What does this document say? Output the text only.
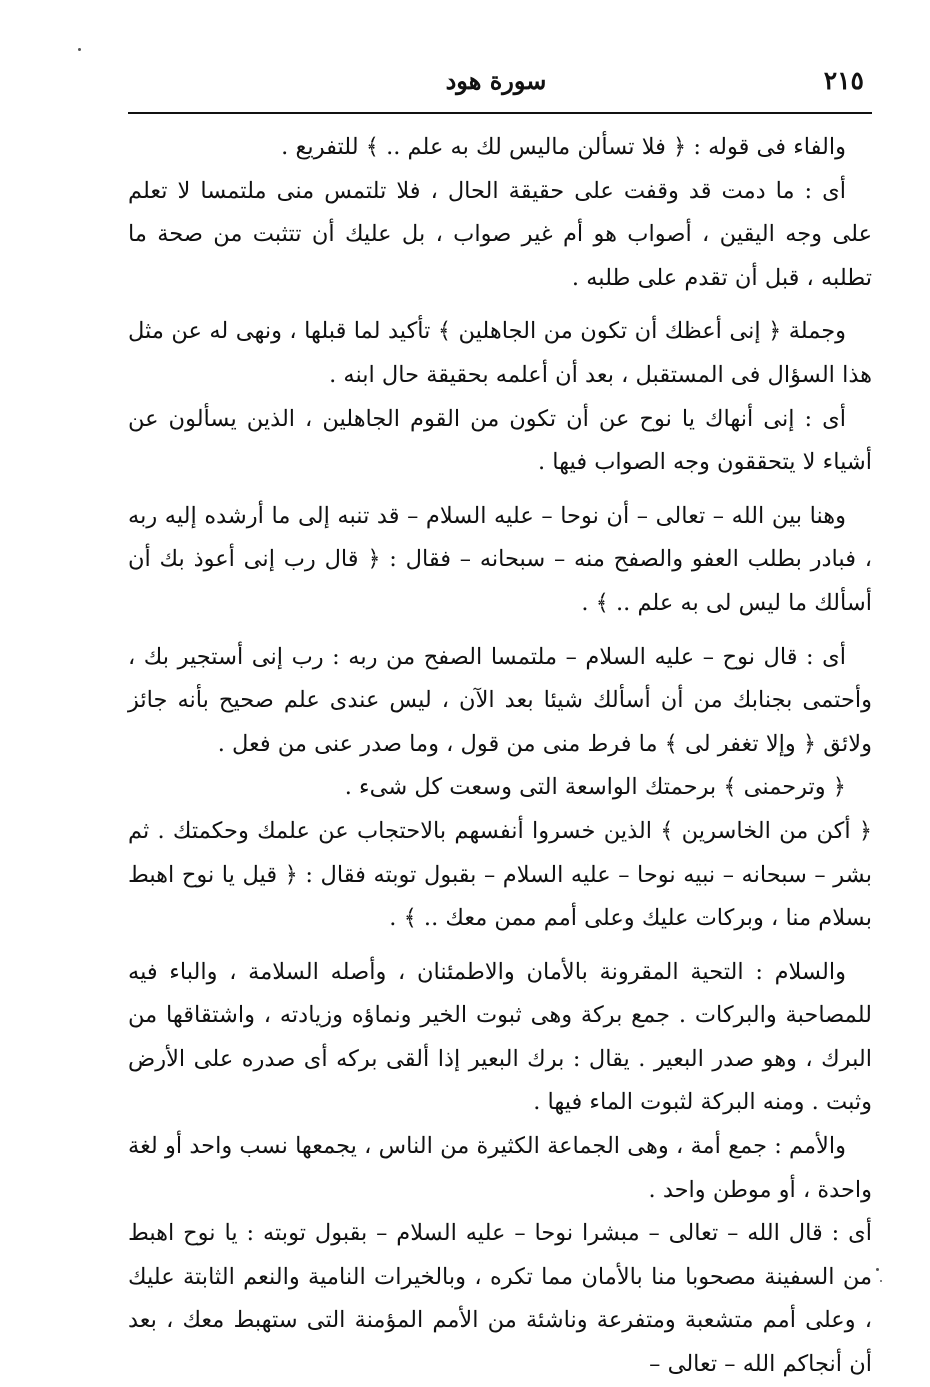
٢١٥
سورة هود

والفاء فى قوله : ﴿ فلا تسألن ماليس لك به علم .. ﴾ للتفريع .

أى : ما دمت قد وقفت على حقيقة الحال ، فلا تلتمس منى ملتمسا لا تعلم على وجه اليقين ، أصواب هو أم غير صواب ، بل عليك أن تتثبت من صحة ما تطلبه ، قبل أن تقدم على طلبه .

وجملة ﴿ إنى أعظك أن تكون من الجاهلين ﴾ تأكيد لما قبلها ، ونهى له عن مثل هذا السؤال فى المستقبل ، بعد أن أعلمه بحقيقة حال ابنه .

أى : إنى أنهاك يا نوح عن أن تكون من القوم الجاهلين ، الذين يسألون عن أشياء لا يتحققون وجه الصواب فيها .

وهنا بين الله – تعالى – أن نوحا – عليه السلام – قد تنبه إلى ما أرشده إليه ربه ، فبادر بطلب العفو والصفح منه – سبحانه – فقال : ﴿ قال رب إنى أعوذ بك أن أسألك ما ليس لى به علم .. ﴾ .

أى : قال نوح – عليه السلام – ملتمسا الصفح من ربه : رب إنى أستجير بك ، وأحتمى بجنابك من أن أسألك شيئا بعد الآن ، ليس عندى علم صحيح بأنه جائز ولائق ﴿ وإلا تغفر لى ﴾ ما فرط منى من قول ، وما صدر عنى من فعل .

﴿ وترحمنى ﴾ برحمتك الواسعة التى وسعت كل شىء .

﴿ أكن من الخاسرين ﴾ الذين خسروا أنفسهم بالاحتجاب عن علمك وحكمتك . ثم بشر – سبحانه – نبيه نوحا – عليه السلام – بقبول توبته فقال : ﴿ قيل يا نوح اهبط بسلام منا ، وبركات عليك وعلى أمم ممن معك .. ﴾ .

والسلام : التحية المقرونة بالأمان والاطمئنان ، وأصله السلامة ، والباء فيه للمصاحبة والبركات . جمع بركة وهى ثبوت الخير ونماؤه وزيادته ، واشتقاقها من البرك ، وهو صدر البعير . يقال : برك البعير إذا ألقى بركه أى صدره على الأرض وثبت . ومنه البركة لثبوت الماء فيها .

والأمم : جمع أمة ، وهى الجماعة الكثيرة من الناس ، يجمعها نسب واحد أو لغة واحدة ، أو موطن واحد .

أى : قال الله – تعالى – مبشرا نوحا – عليه السلام – بقبول توبته : يا نوح اهبط من السفينة مصحوبا منا بالأمان مما تكره ، وبالخيرات النامية والنعم الثابتة عليك ، وعلى أمم متشعبة ومتفرعة وناشئة من الأمم المؤمنة التى ستهبط معك ، بعد أن أنجاكم الله – تعالى –
